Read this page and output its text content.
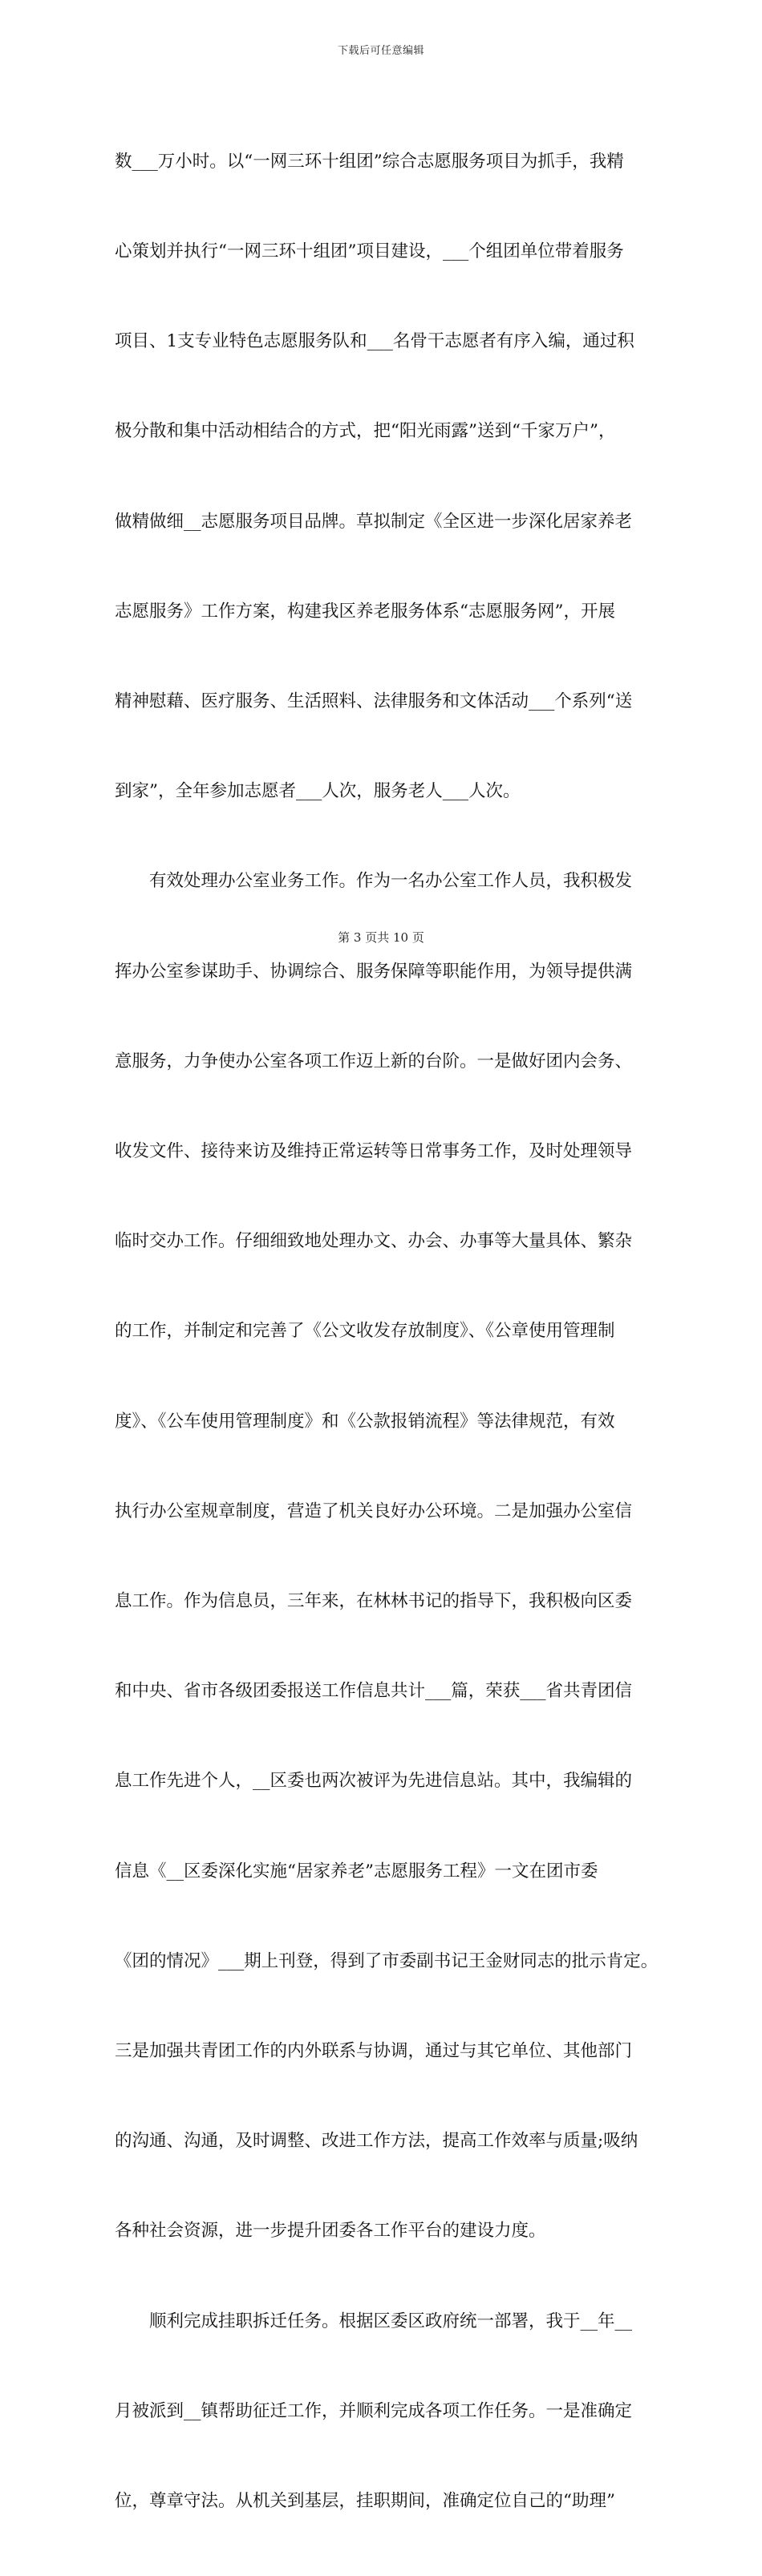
下载后可任意编辑

数___万小时。以“一网三环十组团”综合志愿服务项目为抓手，我精

心策划并执行“一网三环十组团”项目建设，___个组团单位带着服务

项目、1支专业特色志愿服务队和___名骨干志愿者有序入编，通过积

极分散和集中活动相结合的方式，把“阳光雨露”送到“千家万户”，

做精做细__志愿服务项目品牌。草拟制定《全区进一步深化居家养老

志愿服务》工作方案，构建我区养老服务体系“志愿服务网”，开展

精神慰藉、医疗服务、生活照料、法律服务和文体活动___个系列“送

到家”，全年参加志愿者___人次，服务老人___人次。

　　有效处理办公室业务工作。作为一名办公室工作人员，我积极发

挥办公室参谋助手、协调综合、服务保障等职能作用，为领导提供满

意服务，力争使办公室各项工作迈上新的台阶。一是做好团内会务、

收发文件、接待来访及维持正常运转等日常事务工作，及时处理领导

临时交办工作。仔细细致地处理办文、办会、办事等大量具体、繁杂

的工作，并制定和完善了《公文收发存放制度》、《公章使用管理制

度》、《公车使用管理制度》和《公款报销流程》等法律规范，有效

执行办公室规章制度，营造了机关良好办公环境。二是加强办公室信

息工作。作为信息员，三年来，在林林书记的指导下，我积极向区委

和中央、省市各级团委报送工作信息共计___篇，荣获___省共青团信

息工作先进个人，__区委也两次被评为先进信息站。其中，我编辑的

信息《__区委深化实施“居家养老”志愿服务工程》一文在团市委

《团的情况》___期上刊登，得到了市委副书记王金财同志的批示肯定。

三是加强共青团工作的内外联系与协调，通过与其它单位、其他部门

的沟通、沟通，及时调整、改进工作方法，提高工作效率与质量;吸纳

各种社会资源，进一步提升团委各工作平台的建设力度。

　　顺利完成挂职拆迁任务。根据区委区政府统一部署，我于__年__

月被派到__镇帮助征迁工作，并顺利完成各项工作任务。一是准确定

位，尊章守法。从机关到基层，挂职期间，准确定位自己的“助理”

第 3 页共 10 页
